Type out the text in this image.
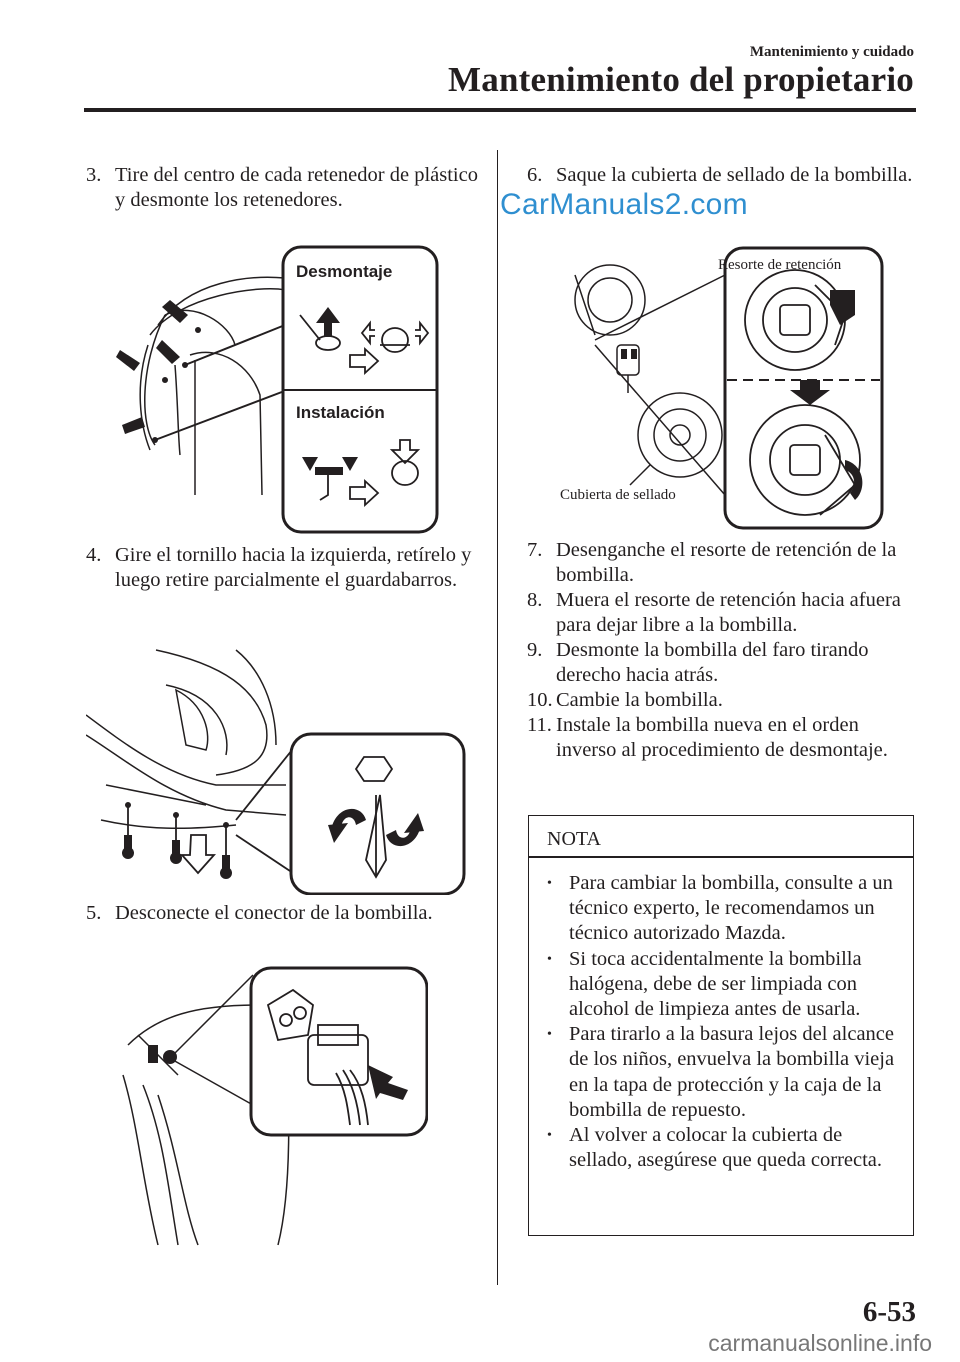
Mantenimiento y cuidado
Mantenimiento del propietario
3. Tire del centro de cada retenedor de plástico y desmonte los retenedores.
Desmontaje
Instalación
4. Gire el tornillo hacia la izquierda, retírelo y luego retire parcialmente el guardabarros.
5. Desconecte el conector de la bombilla.
6. Saque la cubierta de sellado de la bombilla.
Resorte de retención
Cubierta de sellado
7. Desenganche el resorte de retención de la bombilla.
8. Muera el resorte de retención hacia afuera para dejar libre a la bombilla.
9. Desmonte la bombilla del faro tirando derecho hacia atrás.
10. Cambie la bombilla.
11. Instale la bombilla nueva en el orden inverso al procedimiento de desmontaje.
NOTA
• Para cambiar la bombilla, consulte a un técnico experto, le recomendamos un técnico autorizado Mazda.
• Si toca accidentalmente la bombilla halógena, debe de ser limpiada con alcohol de limpieza antes de usarla.
• Para tirarlo a la basura lejos del alcance de los niños, envuelva la bombilla vieja en la tapa de protección y la caja de la bombilla de repuesto.
• Al volver a colocar la cubierta de sellado, asegúrese que queda correcta.
6-53
CarManuals2.com
carmanualsonline.info
